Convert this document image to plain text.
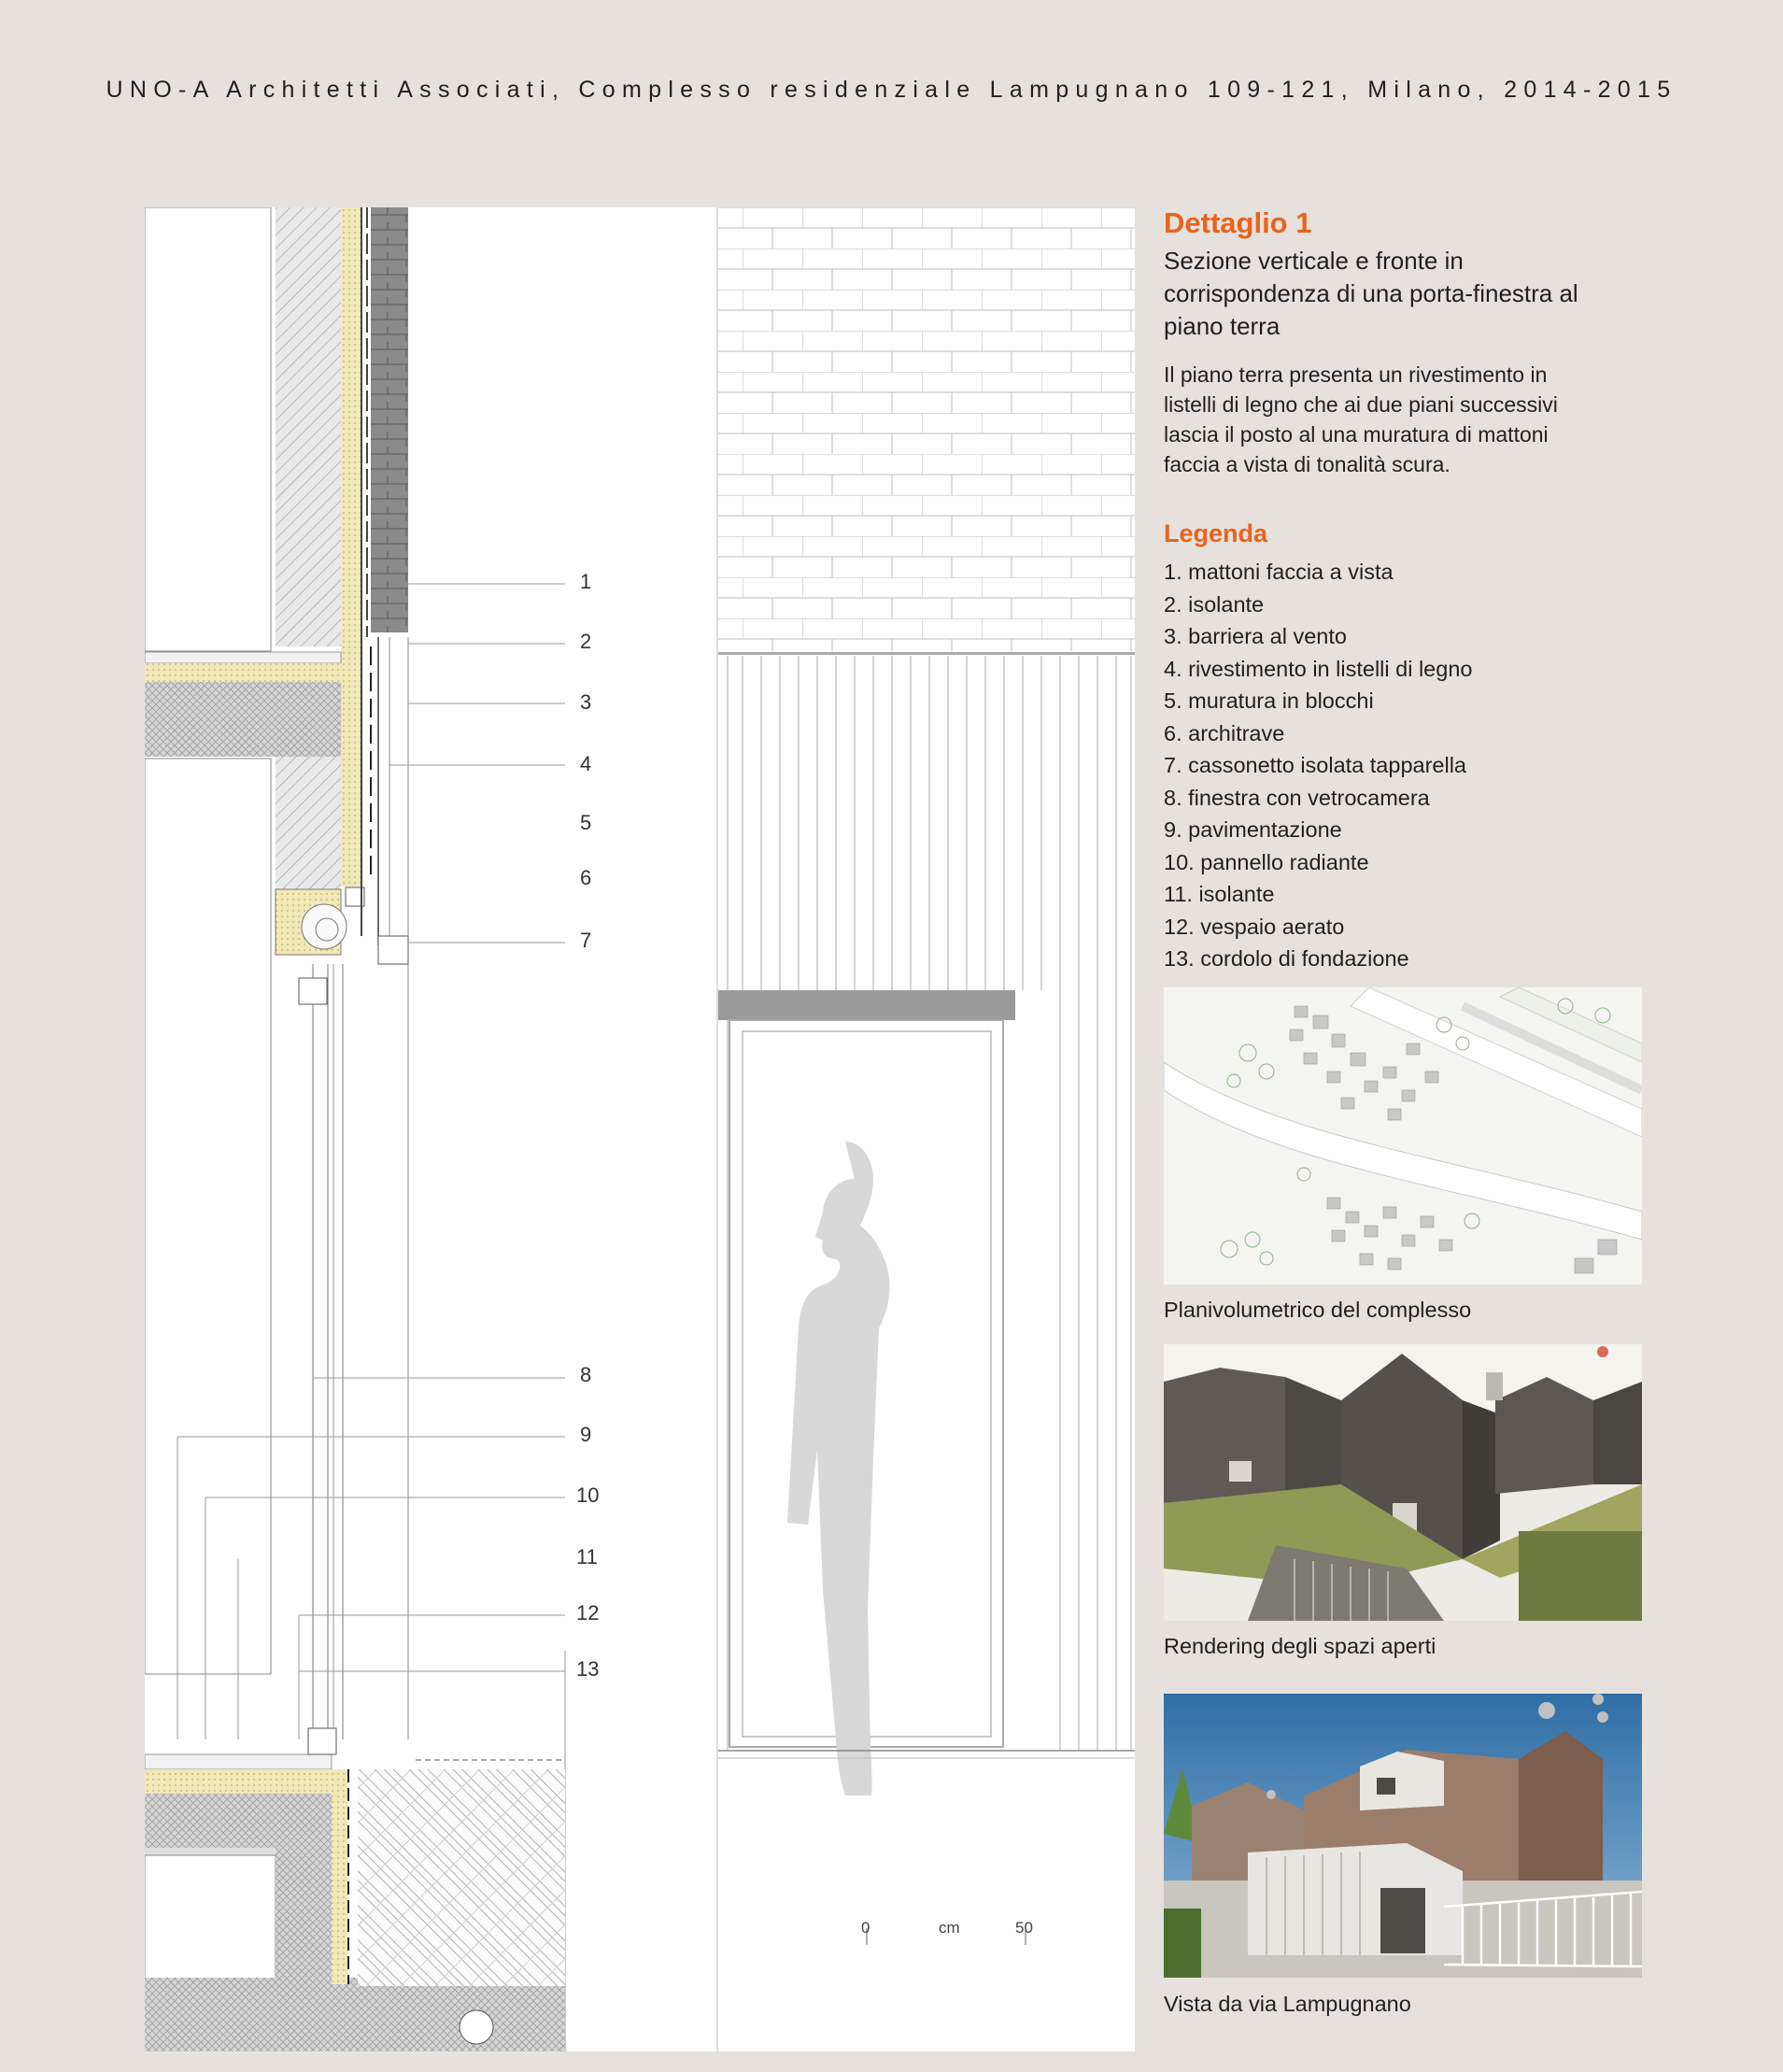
UNO-A Architetti Associati, Complesso residenziale Lampugnano 109-121, Milano, 2014-2015
1
2
3
4
5
6
7
8
9
10
11
12
13
0	cm	50
Dettaglio 1

Sezione verticale e fronte in corrispondenza di una porta-finestra al piano terra

Il piano terra presenta un rivestimento in listelli di legno che ai due piani successivi lascia il posto al una muratura di mattoni faccia a vista di tonalità scura.

Legenda
1. mattoni faccia a vista
2. isolante
3. barriera al vento
4. rivestimento in listelli di legno
5. muratura in blocchi
6. architrave
7. cassonetto isolata tapparella
8. finestra con vetrocamera
9. pavimentazione
10. pannello radiante
11. isolante
12. vespaio aerato
13. cordolo di fondazione
Planivolumetrico del complesso
Rendering degli spazi aperti
Vista da via Lampugnano
